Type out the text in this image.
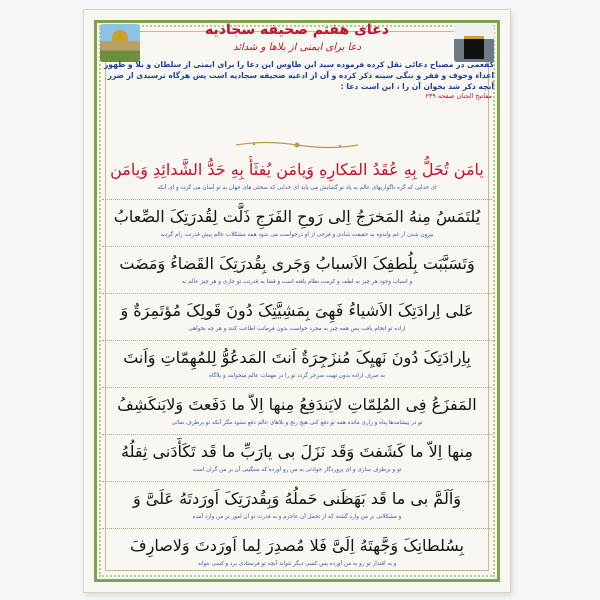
دعای هفتم صحیفه سجادیه
دعا برای ایمنی از بلاها و شدائد
کفعمی در مصباح دعائی نقل کرده فرموده سید ابن طاوس این دعا را برای ایمنی از سلطان و بلا و ظهور اعداء وخوف و فقر و تنگی سینه ذکر کرده و آن از ادعیه صحیفه سجادیه است پس هرگاه ترسیدی از ضرر آنچه ذکر شد بخوان آن را ، این است دعا :
مفاتیح الجنان صفحه ۲۳۹
یامَن تُحَلُّ بِهِ عُقَدُ المَکارِهِ وَیامَن یُفثَأُ بِهِ حَدُّ الشَّدائِدِ وَیامَن
ای خدایی که گره ناگواریهای عالم به یاد تو گشایش می یابد ای خدایی که سختی های جهان به تو آسان می گردد و ای آنکه
یُلتَمَسُ مِنهُ المَخرَجُ اِلی رَوحِ الفَرَجِ ذَلَّت لِقُدرَتِکَ الصِّعابُ
بیرون شدن از غم واندوه به حقیقت شادی و فرجی از او درخواست می شود همه مشکلات عالم پیش قدرتت رام گردید
وَتَسَبَّبَت بِلُطفِکَ الاَسبابُ وَجَری بِقُدرَتِکَ القَضاءُ وَمَضَت
و اسباب وجود هر چیز به لطف و کرمت نظام یافته است و قضا به قدرتت تو جاری و هر چیز عالم به
عَلی اِرادَتِکَ الاَشیاءُ فَهِیَ بِمَشِیَّتِکَ دُونَ قَولِکَ مُؤتَمِرَةٌ وَ
اراده تو انجام یافت پس همه چیز به مجرد خواست بدون فرمانت اطاعت کنند و هر چه بخواهی
بِاِرادَتِکَ دُونَ نَهیِکَ مُنزَجِرَةٌ اَنتَ المَدعُوُّ لِلمُهِمّاتِ وَاَنتَ
به صرف اراده بدون نهیت منزجر گردد تو را در مهمات عالم میخوانند و بلاگاه
المَفزَعُ فِی المُلِمّاتِ لایَندَفِعُ مِنها اِلاّ ما دَفَعتَ وَلایَنکَشِفُ
تو در پیشامدها پناه و زاری مانده همه تو دفع کنی هیچ رنج و بلاهای عالم دفع نشود مگر آنکه تو برطرف نمائی
مِنها اِلاّ ما کَشَفتَ وَقَد نَزَلَ بی یارَبِّ ما قَد تَکَأَّدَنی ثِقلُهُ
تو و برطرف سازی و ای پروردگار حوادثی به من رو آورده که سنگینی آن بر من گران است
وَاَلَمَّ بی ما قَد بَهَظَنی حَملُهُ وَبِقُدرَتِکَ اَورَدتَهُ عَلَیَّ وَ
و مشکلاتی بر من وارد گشته که از تحمل آن عاجزم و به قدرت تو آن امور بر من وارد آمده
بِسُلطانِکَ وَجَّهتَهُ اِلَیَّ فَلا مُصدِرَ لِما اَورَدتَ وَلاصارِفَ
و به اقتدار تو رو به من آورده پس کسی دیگر نتواند آنچه تو فرستادی برد و کسی نتواند
